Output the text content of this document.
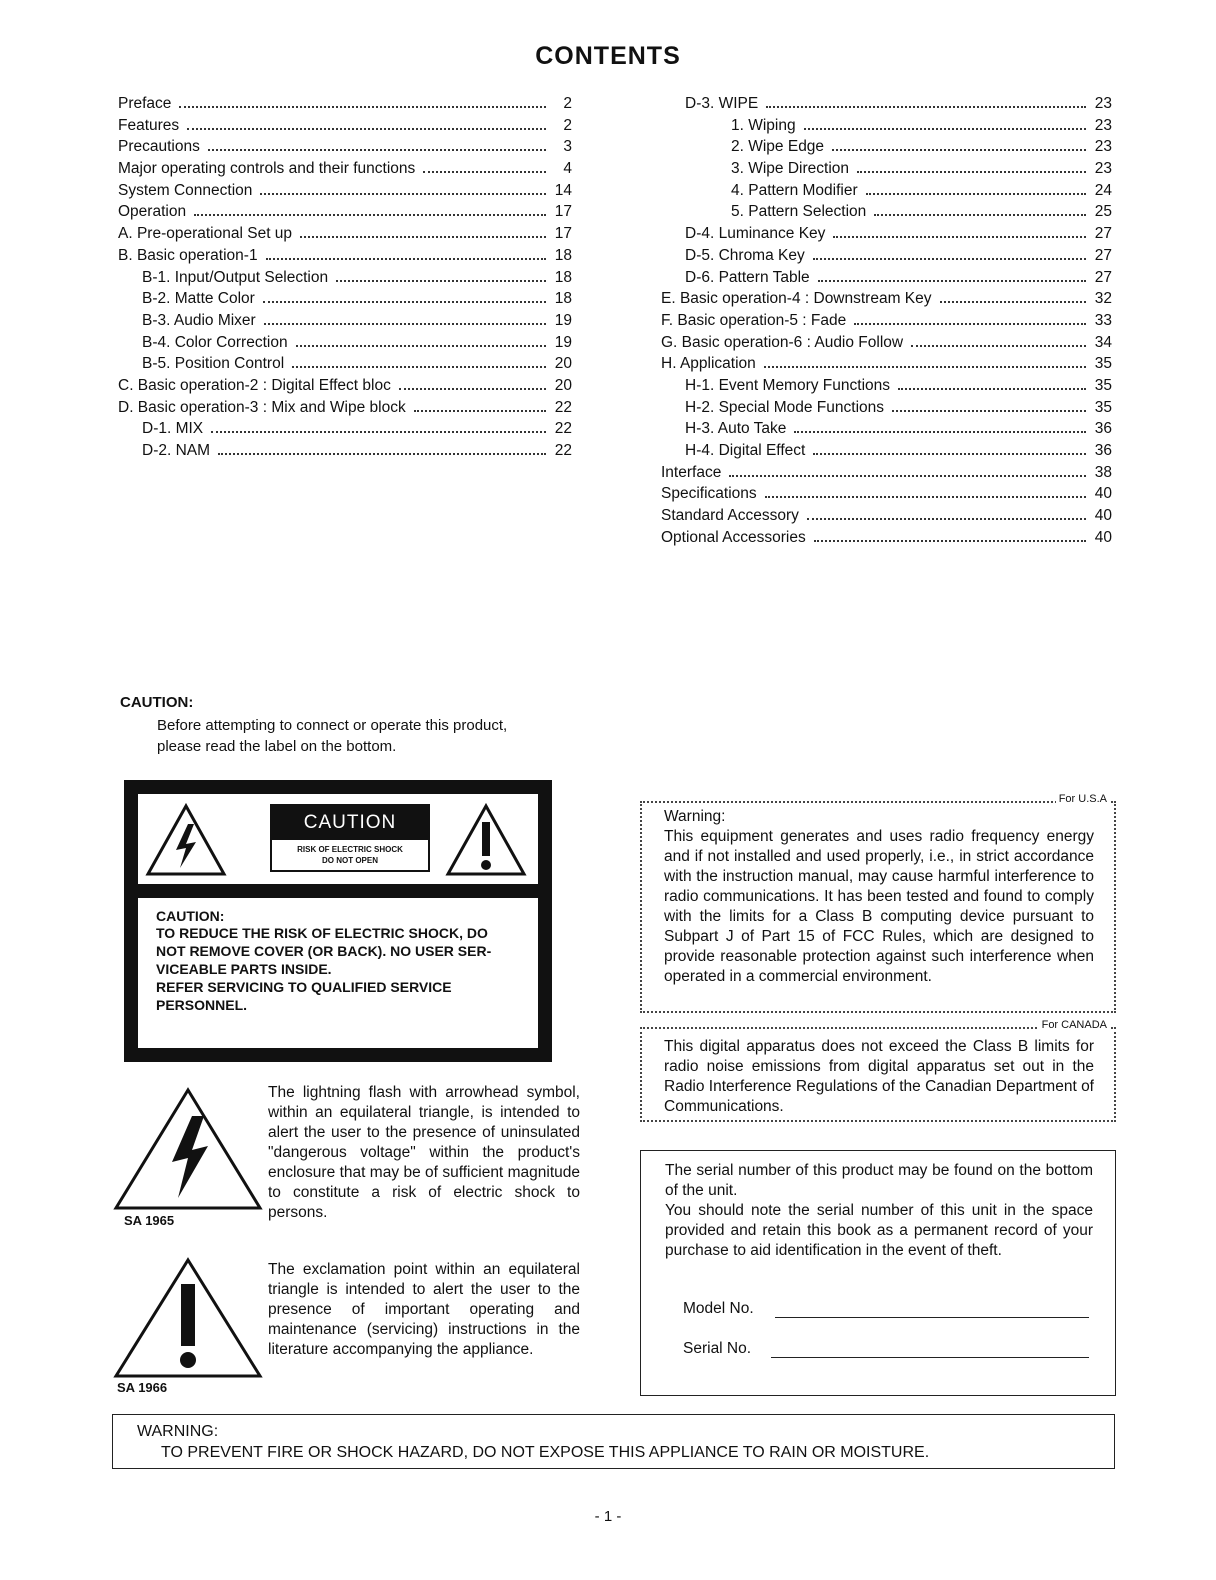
CONTENTS
Preface	2
Features	2
Precautions	3
Major operating controls and their functions	4
System Connection	14
Operation	17
A. Pre-operational Set up	17
B. Basic operation-1	18
B-1. Input/Output Selection	18
B-2. Matte Color	18
B-3. Audio Mixer	19
B-4. Color Correction	19
B-5. Position Control	20
C. Basic operation-2 : Digital Effect bloc	20
D. Basic operation-3 : Mix and Wipe block	22
D-1. MIX	22
D-2. NAM	22
D-3. WIPE	23
1. Wiping	23
2. Wipe Edge	23
3. Wipe Direction	23
4. Pattern Modifier	24
5. Pattern Selection	25
D-4. Luminance Key	27
D-5. Chroma Key	27
D-6. Pattern Table	27
E. Basic operation-4 : Downstream Key	32
F. Basic operation-5 : Fade	33
G. Basic operation-6 : Audio Follow	34
H. Application	35
H-1. Event Memory Functions	35
H-2. Special Mode Functions	35
H-3. Auto Take	36
H-4. Digital Effect	36
Interface	38
Specifications	40
Standard Accessory	40
Optional Accessories	40
CAUTION:
Before attempting to connect or operate this product,
please read the label on the bottom.
CAUTION
RISK OF ELECTRIC SHOCK
DO NOT OPEN
CAUTION:
TO REDUCE THE RISK OF ELECTRIC SHOCK, DO
NOT REMOVE COVER (OR BACK). NO USER SER-
VICEABLE PARTS INSIDE.
REFER SERVICING TO QUALIFIED SERVICE
PERSONNEL.
SA 1965
The lightning flash with arrowhead symbol, within an equilateral triangle, is intended to alert the user to the presence of uninsulated "dangerous voltage" within the product's enclosure that may be of sufficient magnitude to constitute a risk of electric shock to persons.
SA 1966
The exclamation point within an equilateral triangle is intended to alert the user to the presence of important operating and maintenance (servicing) instructions in the literature accompanying the appliance.
For U.S.A
Warning:
This equipment generates and uses radio frequency energy and if not installed and used properly, i.e., in strict accordance with the instruction manual, may cause harmful interference to radio communications. It has been tested and found to comply with the limits for a Class B computing device pursuant to Subpart J of Part 15 of FCC Rules, which are designed to provide reasonable protection against such interference when operated in a commercial environment.
For CANADA
This digital apparatus does not exceed the Class B limits for radio noise emissions from digital apparatus set out in the Radio Interference Regulations of the Canadian Department of Communications.

The serial number of this product may be found on the bottom of the unit.

You should note the serial number of this unit in the space provided and retain this book as a permanent record of your purchase to aid identification in the event of theft.

Model No.
Serial No.
WARNING:
TO PREVENT FIRE OR SHOCK HAZARD, DO NOT EXPOSE THIS APPLIANCE TO RAIN OR MOISTURE.
- 1 -
